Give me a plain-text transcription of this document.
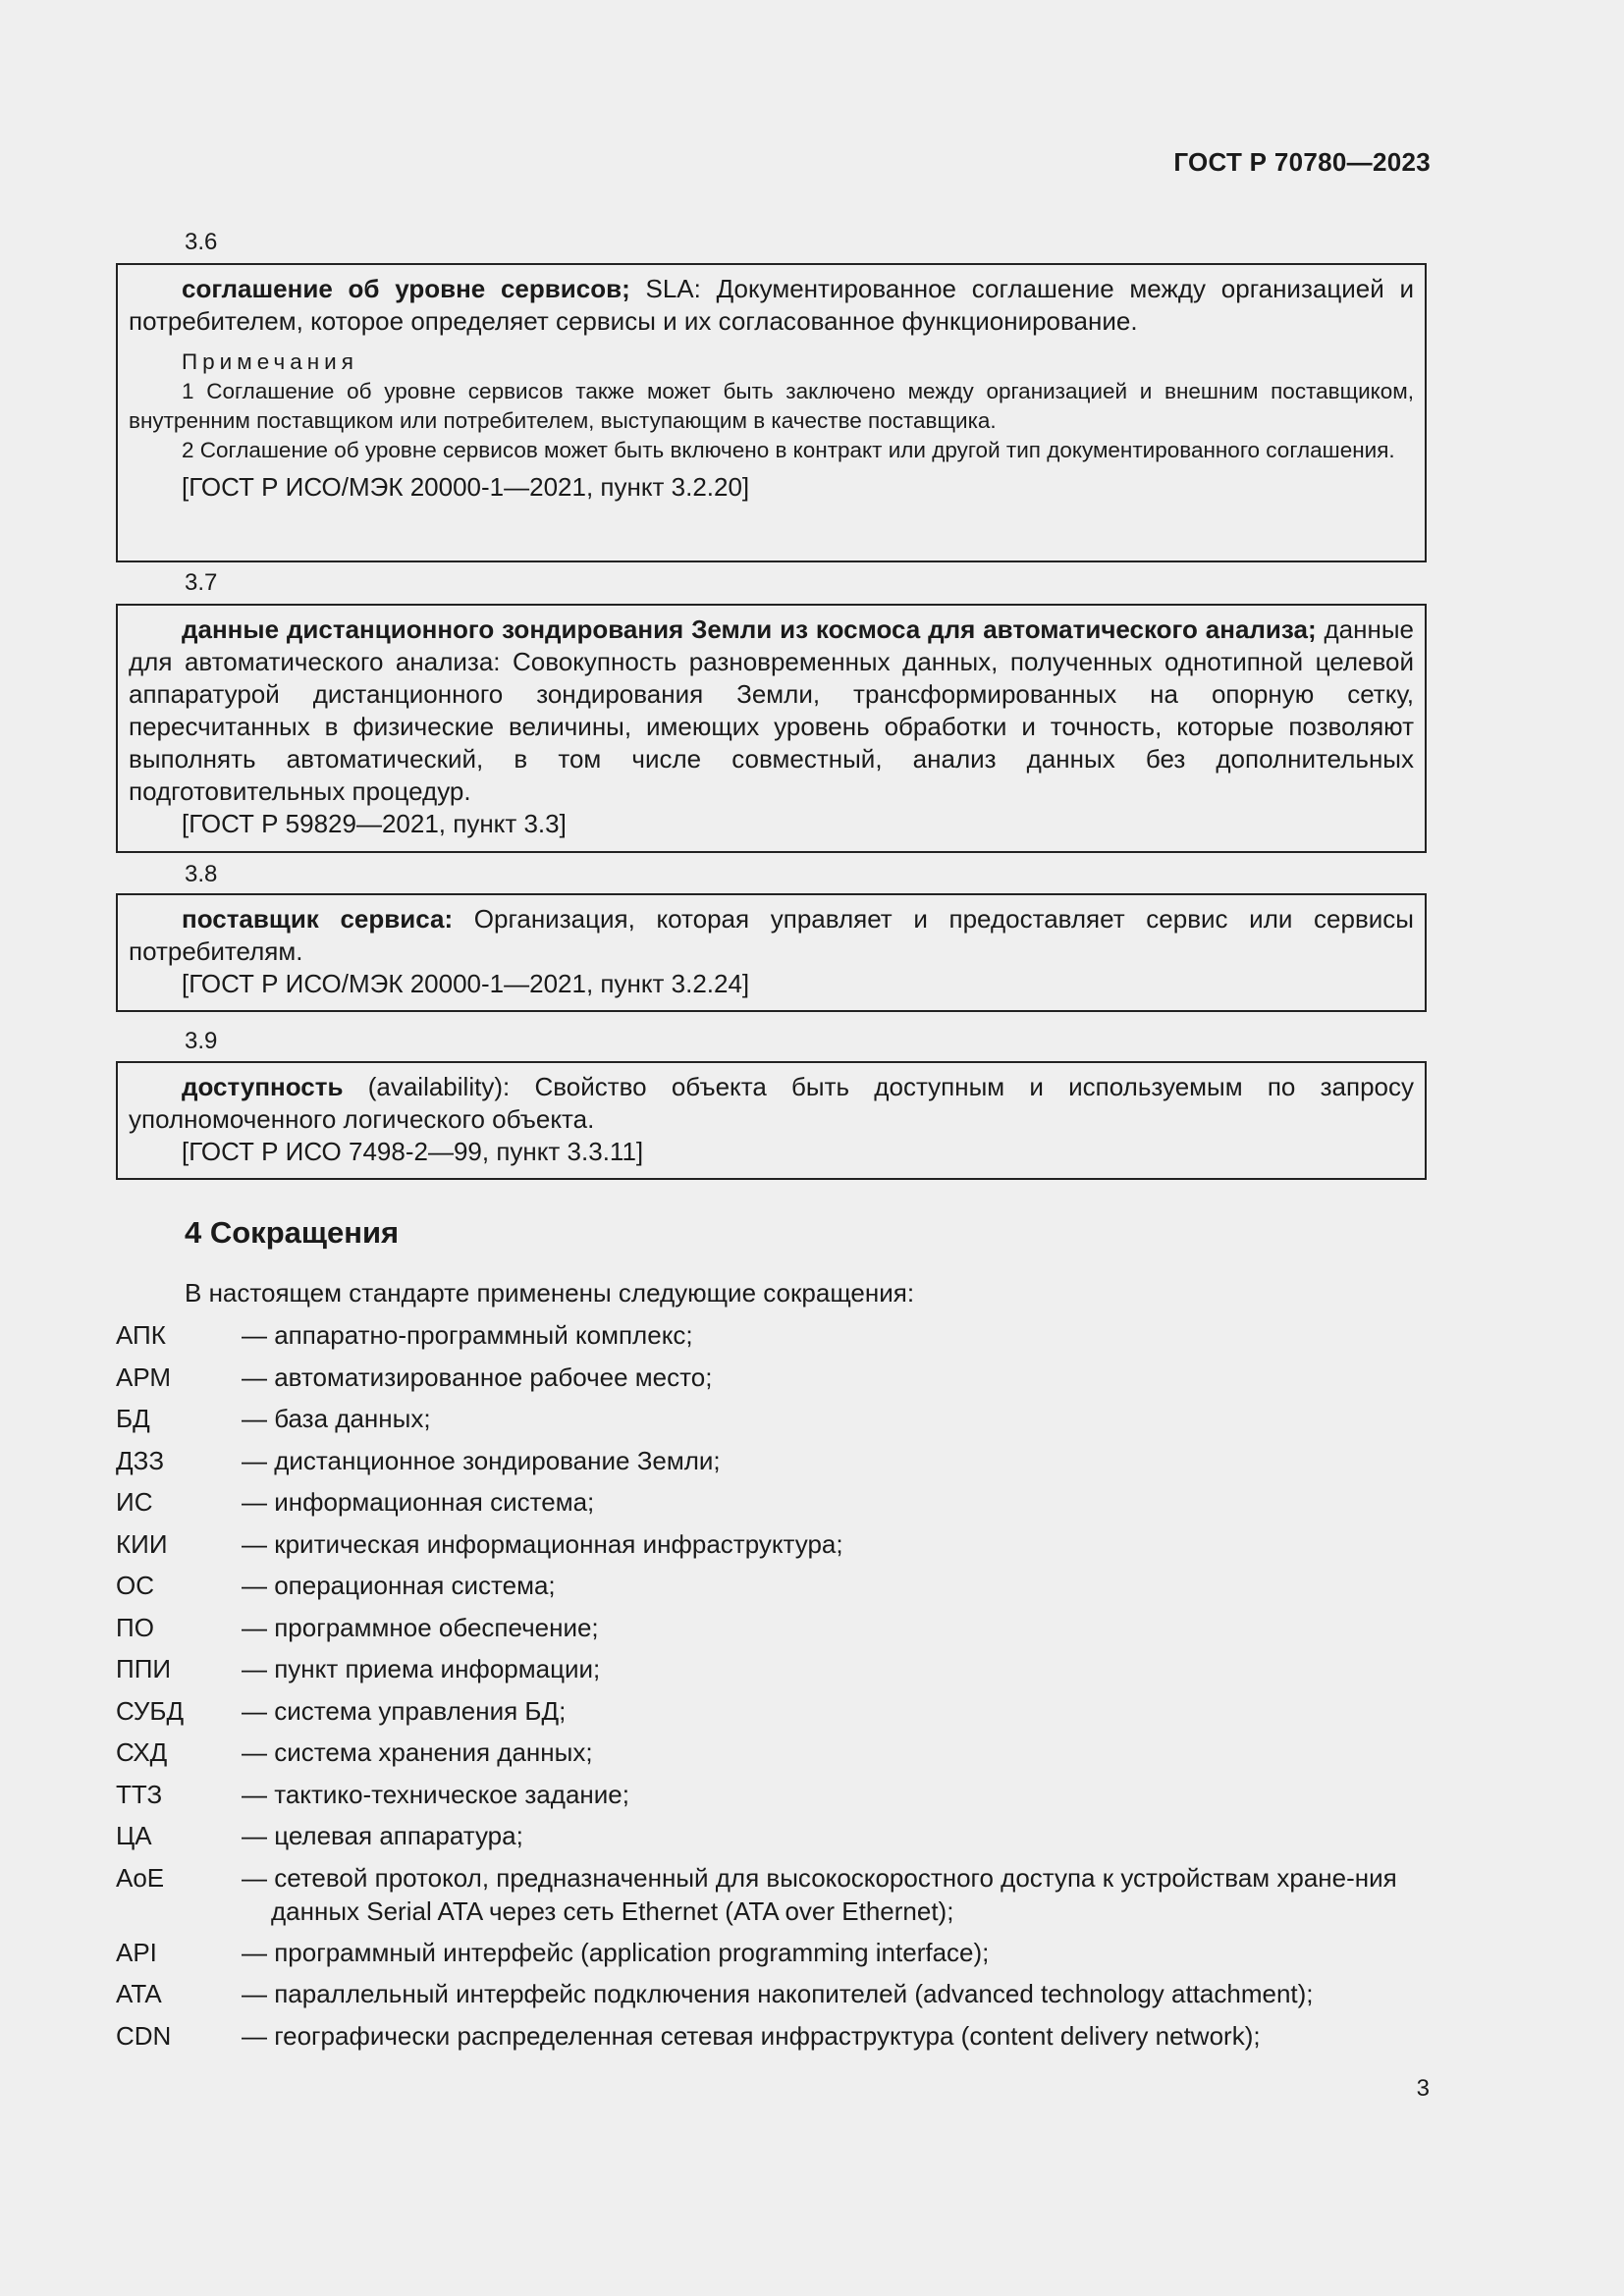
ГОСТ Р 70780—2023
3.6

соглашение об уровне сервисов; SLA: Документированное соглашение между организацией и потребителем, которое определяет сервисы и их согласованное функционирование.

Примечания

1 Соглашение об уровне сервисов также может быть заключено между организацией и внешним поставщиком, внутренним поставщиком или потребителем, выступающим в качестве поставщика.

2 Соглашение об уровне сервисов может быть включено в контракт или другой тип документированного соглашения.

[ГОСТ Р ИСО/МЭК 20000-1—2021, пункт 3.2.20]

3.7

данные дистанционного зондирования Земли из космоса для автоматического анализа; данные для автоматического анализа: Совокупность разновременных данных, полученных однотипной целевой аппаратурой дистанционного зондирования Земли, трансформированных на опорную сетку, пересчитанных в физические величины, имеющих уровень обработки и точность, которые позволяют выполнять автоматический, в том числе совместный, анализ данных без дополнительных подготовительных процедур.

[ГОСТ Р 59829—2021, пункт 3.3]

3.8

поставщик сервиса: Организация, которая управляет и предоставляет сервис или сервисы потребителям.

[ГОСТ Р ИСО/МЭК 20000-1—2021, пункт 3.2.24]

3.9

доступность (availability): Свойство объекта быть доступным и используемым по запросу уполномоченного логического объекта.

[ГОСТ Р ИСО 7498-2—99, пункт 3.3.11]

4 Сокращения
В настоящем стандарте применены следующие сокращения:
АПК	— аппаратно-программный комплекс;
АРМ	— автоматизированное рабочее место;
БД	— база данных;
ДЗЗ	— дистанционное зондирование Земли;
ИС	— информационная система;
КИИ	— критическая информационная инфраструктура;
ОС	— операционная система;
ПО	— программное обеспечение;
ППИ	— пункт приема информации;
СУБД — система управления БД;
СХД	— система хранения данных;
ТТЗ	— тактико-техническое задание;
ЦА	— целевая аппаратура;
AoE	— сетевой протокол, предназначенный для высокоскоростного доступа к устройствам хране-ния данных Serial ATA через сеть Ethernet (ATA over Ethernet);
API	— программный интерфейс (application programming interface);
ATA	— параллельный интерфейс подключения накопителей (advanced technology attachment);
CDN	— географически распределенная сетевая инфраструктура (content delivery network);
3
